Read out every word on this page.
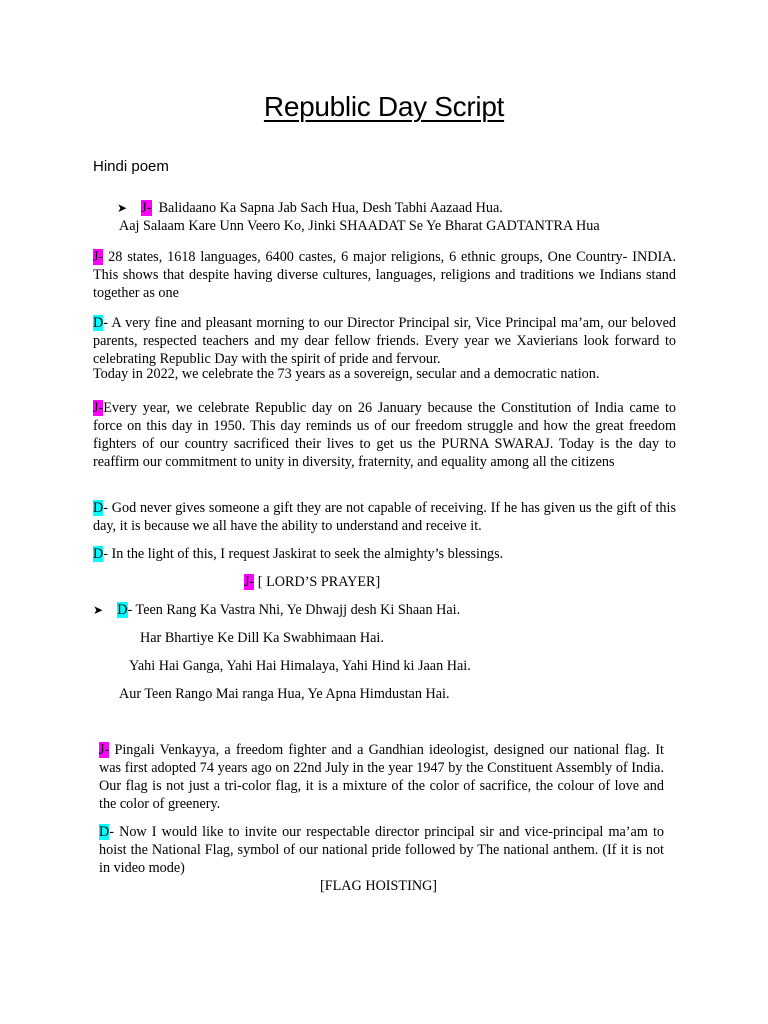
Republic Day Script
Hindi poem
➤ J- Balidaano Ka Sapna Jab Sach Hua, Desh Tabhi Aazaad Hua.
Aaj Salaam Kare Unn Veero Ko, Jinki SHAADAT Se Ye Bharat GADTANTRA Hua
J- 28 states, 1618 languages, 6400 castes, 6 major religions, 6 ethnic groups, One Country- INDIA. This shows that despite having diverse cultures, languages, religions and traditions we Indians stand together as one
D- A very fine and pleasant morning to our Director Principal sir, Vice Principal ma’am, our beloved parents, respected teachers and my dear fellow friends. Every year we Xavierians look forward to celebrating Republic Day with the spirit of pride and fervour.
Today in 2022, we celebrate the 73 years as a sovereign, secular and a democratic nation.
J-Every year, we celebrate Republic day on 26 January because the Constitution of India came to force on this day in 1950. This day reminds us of our freedom struggle and how the great freedom fighters of our country sacrificed their lives to get us the PURNA SWARAJ. Today is the day to reaffirm our commitment to unity in diversity, fraternity, and equality among all the citizens
D- God never gives someone a gift they are not capable of receiving. If he has given us the gift of this day, it is because we all have the ability to understand and receive it.
D- In the light of this, I request Jaskirat to seek the almighty’s blessings.
J- [ LORD’S PRAYER]
➤ D- Teen Rang Ka Vastra Nhi, Ye Dhwajj desh Ki Shaan Hai.
Har Bhartiye Ke Dill Ka Swabhimaan Hai.
Yahi Hai Ganga, Yahi Hai Himalaya, Yahi Hind ki Jaan Hai.
Aur Teen Rango Mai ranga Hua, Ye Apna Himdustan Hai.
J- Pingali Venkayya, a freedom fighter and a Gandhian ideologist, designed our national flag. It was first adopted 74 years ago on 22nd July in the year 1947 by the Constituent Assembly of India. Our flag is not just a tri-color flag, it is a mixture of the color of sacrifice, the colour of love and the color of greenery.
D- Now I would like to invite our respectable director principal sir and vice-principal ma’am to hoist the National Flag, symbol of our national pride followed by The national anthem. (If it is not in video mode)
[FLAG HOISTING]
